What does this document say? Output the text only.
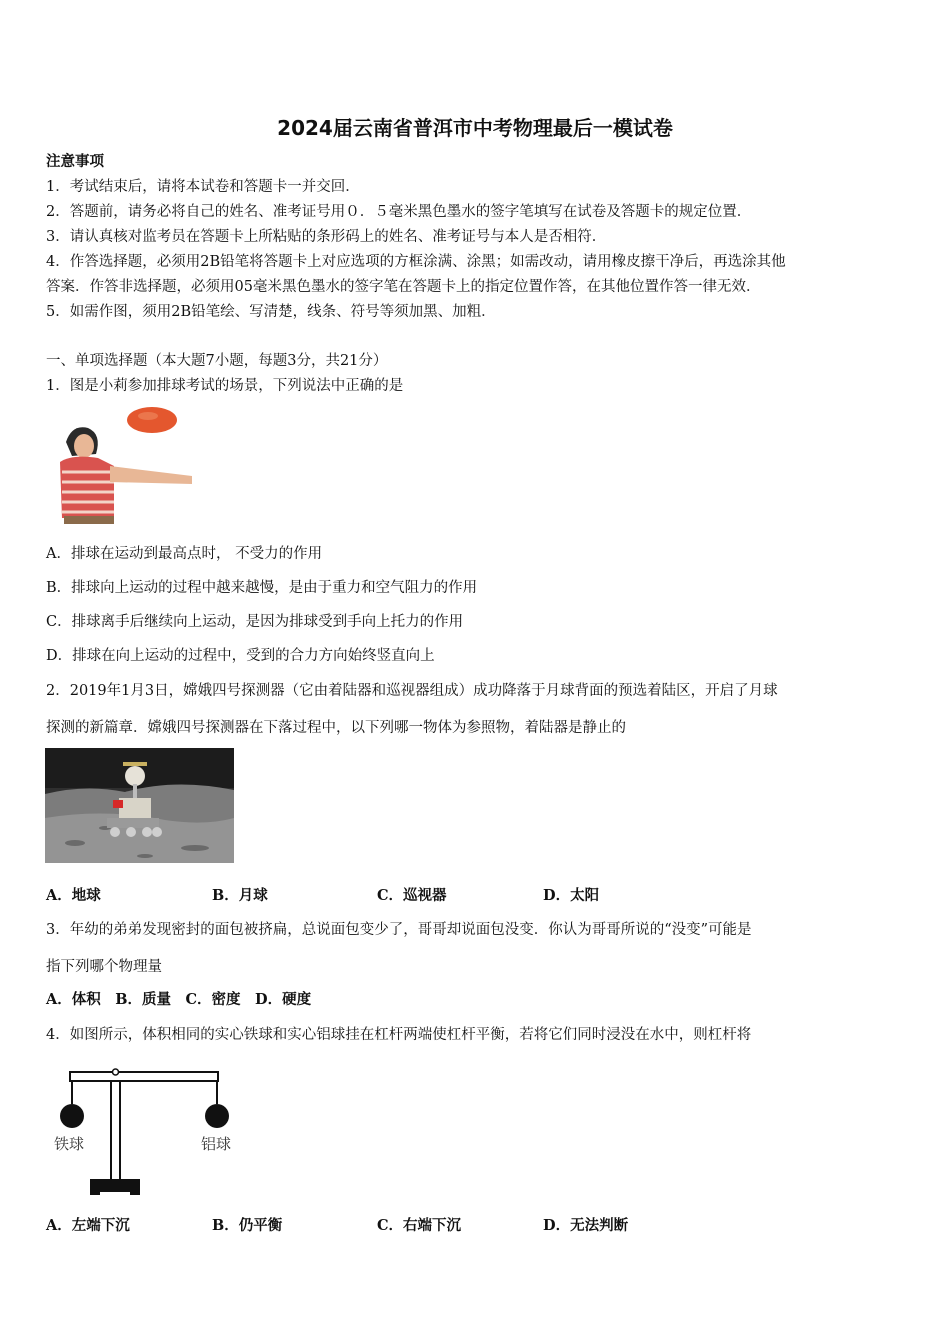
2024届云南省普洱市中考物理最后一模试卷
注意事项
1．考试结束后，请将本试卷和答题卡一并交回．
2．答题前，请务必将自己的姓名、准考证号用０．５毫米黑色墨水的签字笔填写在试卷及答题卡的规定位置．
3．请认真核对监考员在答题卡上所粘贴的条形码上的姓名、准考证号与本人是否相符．
4．作答选择题，必须用2B铅笔将答题卡上对应选项的方框涂满、涂黑；如需改动，请用橡皮擦干净后，再选涂其他
答案．作答非选择题，必须用05毫米黑色墨水的签字笔在答题卡上的指定位置作答，在其他位置作答一律无效．
5．如需作图，须用2B铅笔绘、写清楚，线条、符号等须加黑、加粗．
一、单项选择题（本大题7小题，每题3分，共21分）
1．图是小莉参加排球考试的场景，下列说法中正确的是
A．排球在运动到最高点时， 不受力的作用
B．排球向上运动的过程中越来越慢，是由于重力和空气阻力的作用
C．排球离手后继续向上运动，是因为排球受到手向上托力的作用
D．排球在向上运动的过程中，受到的合力方向始终竖直向上
2．2019年1月3日，嫦娥四号探测器（它由着陆器和巡视器组成）成功降落于月球背面的预选着陆区，开启了月球
探测的新篇章．嫦娥四号探测器在下落过程中，以下列哪一物体为参照物，着陆器是静止的
A．地球	B．月球	C．巡视器	D．太阳
3．年幼的弟弟发现密封的面包被挤扁，总说面包变少了，哥哥却说面包没变．你认为哥哥所说的“没变”可能是
指下列哪个物理量
A．体积　B．质量　C．密度　D．硬度
4．如图所示，体积相同的实心铁球和实心铝球挂在杠杆两端使杠杆平衡，若将它们同时浸没在水中，则杠杆将
铁球	铝球
A．左端下沉	B．仍平衡	C．右端下沉	D．无法判断
